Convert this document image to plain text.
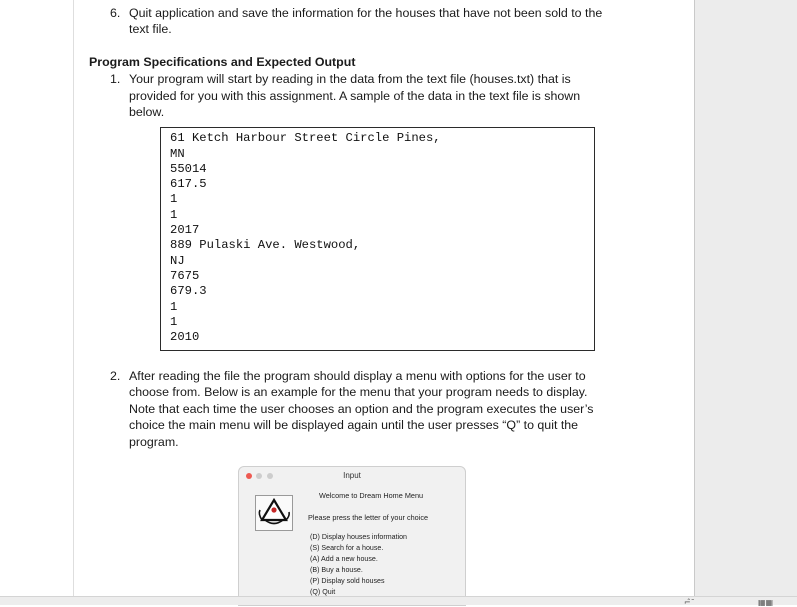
6. Quit application and save the information for the houses that have not been sold to the
text file.
Program Specifications and Expected Output
1. Your program will start by reading in the data from the text file (houses.txt) that is
provided for you with this assignment. A sample of the data in the text file is shown
below.
61 Ketch Harbour Street Circle Pines,
MN
55014
617.5
1
1
2017
889 Pulaski Ave. Westwood,
NJ
7675
679.3
1
1
2010
2. After reading the file the program should display a menu with options for the user to
choose from. Below is an example for the menu that your program needs to display.
Note that each time the user chooses an option and the program executes the user’s
choice the main menu will be displayed again until the user presses “Q” to quit the
program.
Input
Welcome to Dream Home Menu
Please press the letter of your choice
(D) Display houses information
(S) Search for a house.
(A) Add a new house.
(B) Buy a house.
(P) Display sold houses
(Q) Quit
⌐̂ˉ	▦▦
